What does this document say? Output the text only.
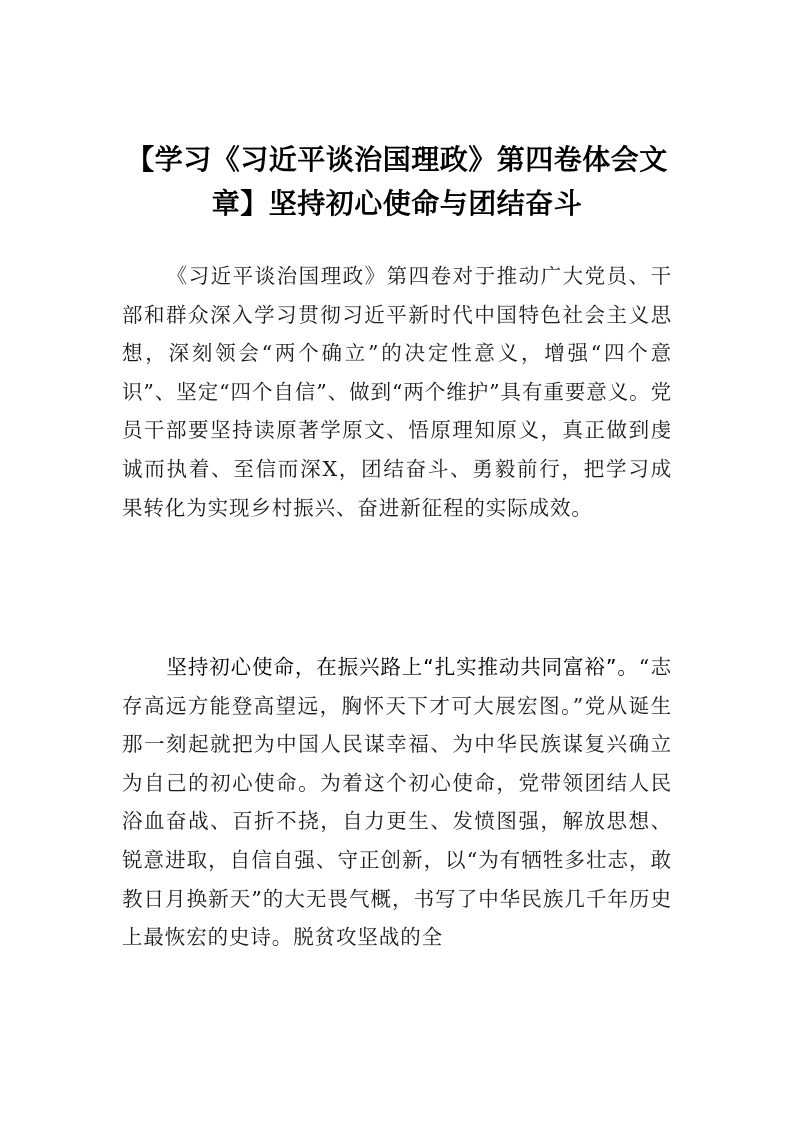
【学习《习近平谈治国理政》第四卷体会文章】坚持初心使命与团结奋斗

《习近平谈治国理政》第四卷对于推动广大党员、干部和群众深入学习贯彻习近平新时代中国特色社会主义思想，深刻领会“两个确立”的决定性意义，增强“四个意识”、坚定“四个自信”、做到“两个维护”具有重要意义。党员干部要坚持读原著学原文、悟原理知原义，真正做到虔诚而执着、至信而深X，团结奋斗、勇毅前行，把学习成果转化为实现乡村振兴、奋进新征程的实际成效。

坚持初心使命，在振兴路上“扎实推动共同富裕”。“志存高远方能登高望远，胸怀天下才可大展宏图。”党从诞生那一刻起就把为中国人民谋幸福、为中华民族谋复兴确立为自己的初心使命。为着这个初心使命，党带领团结人民浴血奋战、百折不挠，自力更生、发愤图强，解放思想、锐意进取，自信自强、守正创新，以“为有牺牲多壮志，敢教日月换新天”的大无畏气概，书写了中华民族几千年历史上最恢宏的史诗。脱贫攻坚战的全
